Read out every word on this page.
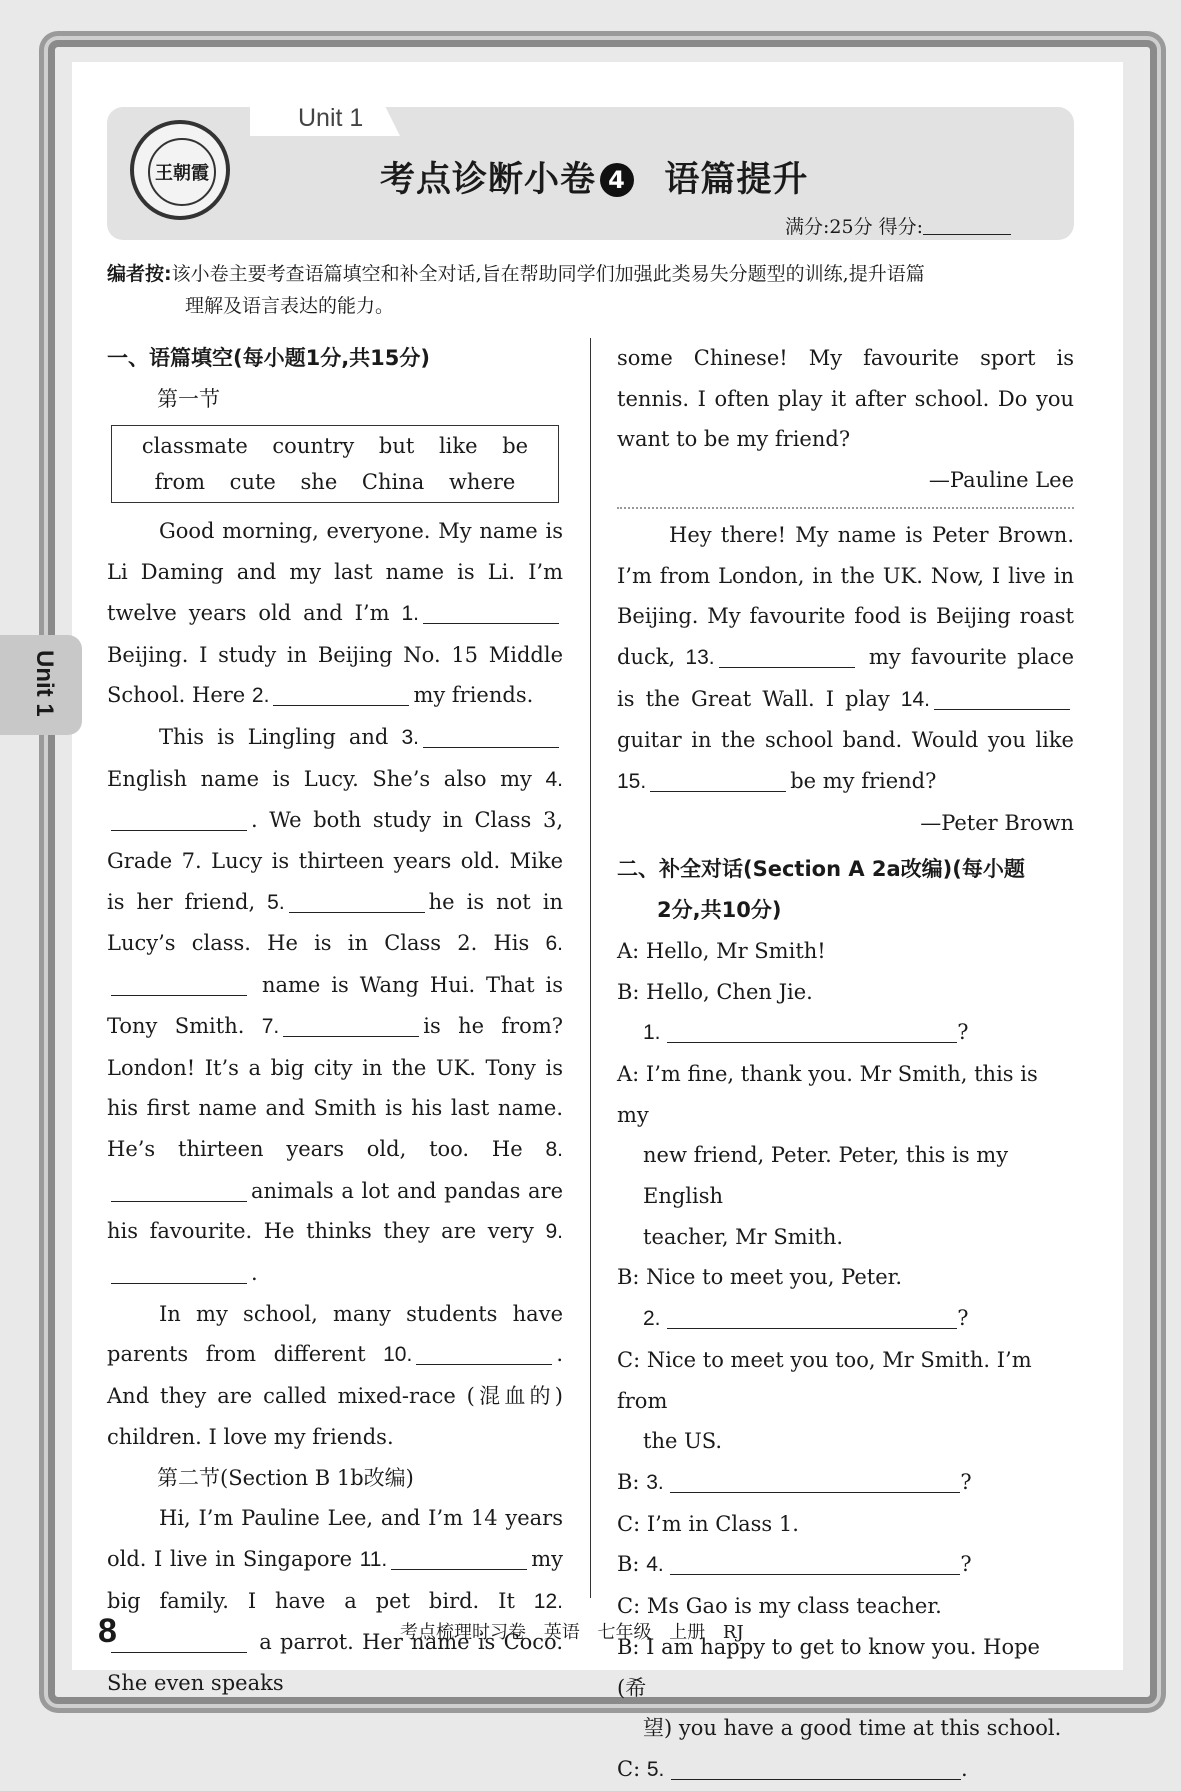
Unit 1
王朝霞	考点诊断小卷 4 语篇提升
满分:25分 得分:
编者按:该小卷主要考查语篇填空和补全对话,旨在帮助同学们加强此类易失分题型的训练,提升语篇
理解及语言表达的能力。
Unit 1
一、语篇填空(每小题1分,共15分)
第一节
classmate country but like be
from cute she China where

Good morning, everyone. My name is Li Daming and my last name is Li. I’m twelve years old and I’m 1.Beijing. I study in Beijing No. 15 Middle School. Here 2.	my friends.

This is Lingling and 3. English name is Lucy. She’s also my 4.. We both study in Class 3, Grade 7. Lucy is thirteen years old. Mike is her friend, 5.	he is not in Lucy’s class. He is in Class 2. His 6. name is Wang Hui. That is Tony Smith. 7.	is he from? London! It’s a big city in the UK. Tony is his first name and Smith is his last name. He’s thirteen years old, too. He 8.animals a lot and pandas are his favourite. He thinks they are very 9..

In my school, many students have parents from different 10.	. And they are called mixed-race (混血的) children. I love my friends.

第二节(Section B 1b改编)

Hi, I’m Pauline Lee, and I’m 14 years old. I live in Singapore 11.	my big family. I have a pet bird. It 12. a parrot. Her name is Coco. She even speaks

some Chinese! My favourite sport is tennis. I often play it after school. Do you want to be my friend?

—Pauline Lee

Hey there! My name is Peter Brown. I’m from London, in the UK. Now, I live in Beijing. My favourite food is Beijing roast duck, 13.	my favourite place is the Great Wall. I play 14. guitar in the school band. Would you like 15.	be my friend?

—Peter Brown
二、补全对话(Section A 2a改编)(每小题
2分,共10分)

A: Hello, Mr Smith!

B: Hello, Chen Jie.

1.	?

A: I’m fine, thank you. Mr Smith, this is my

new friend, Peter. Peter, this is my English

teacher, Mr Smith.

B: Nice to meet you, Peter.

2.	?

C: Nice to meet you too, Mr Smith. I’m from

the US.

B: 3.	?

C: I’m in Class 1.

B: 4.	?

C: Ms Gao is my class teacher.

B: I am happy to get to know you. Hope (希

望) you have a good time at this school.

C: 5.	.

8	考点梳理时习卷 英语 七年级 上册 RJ
